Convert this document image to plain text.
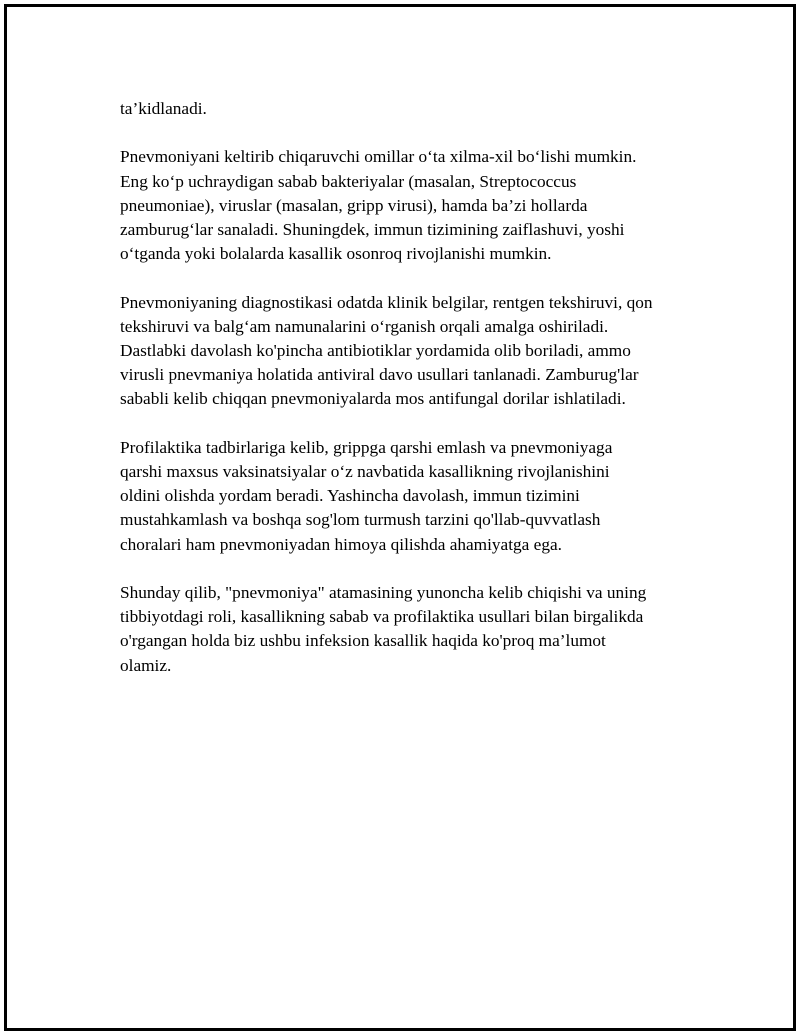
ta’kidlanadi.

Pnevmoniyani keltirib chiqaruvchi omillar o‘ta xilma-xil bo‘lishi mumkin.
Eng ko‘p uchraydigan sabab bakteriyalar (masalan, Streptococcus
pneumoniae), viruslar (masalan, gripp virusi), hamda ba’zi hollarda
zamburug‘lar sanaladi. Shuningdek, immun tizimining zaiflashuvi, yoshi
o‘tganda yoki bolalarda kasallik osonroq rivojlanishi mumkin.

Pnevmoniyaning diagnostikasi odatda klinik belgilar, rentgen tekshiruvi, qon
tekshiruvi va balg‘am namunalarini o‘rganish orqali amalga oshiriladi.
Dastlabki davolash ko'pincha antibiotiklar yordamida olib boriladi, ammo
virusli pnevmaniya holatida antiviral davo usullari tanlanadi. Zamburug'lar
sababli kelib chiqqan pnevmoniyalarda mos antifungal dorilar ishlatiladi.

Profilaktika tadbirlariga kelib, grippga qarshi emlash va pnevmoniyaga
qarshi maxsus vaksinatsiyalar o‘z navbatida kasallikning rivojlanishini
oldini olishda yordam beradi. Yashincha davolash, immun tizimini
mustahkamlash va boshqa sog'lom turmush tarzini qo'llab-quvvatlash
choralari ham pnevmoniyadan himoya qilishda ahamiyatga ega.

Shunday qilib, "pnevmoniya" atamasining yunoncha kelib chiqishi va uning
tibbiyotdagi roli, kasallikning sabab va profilaktika usullari bilan birgalikda
o'rgangan holda biz ushbu infeksion kasallik haqida ko'proq ma’lumot
olamiz.
